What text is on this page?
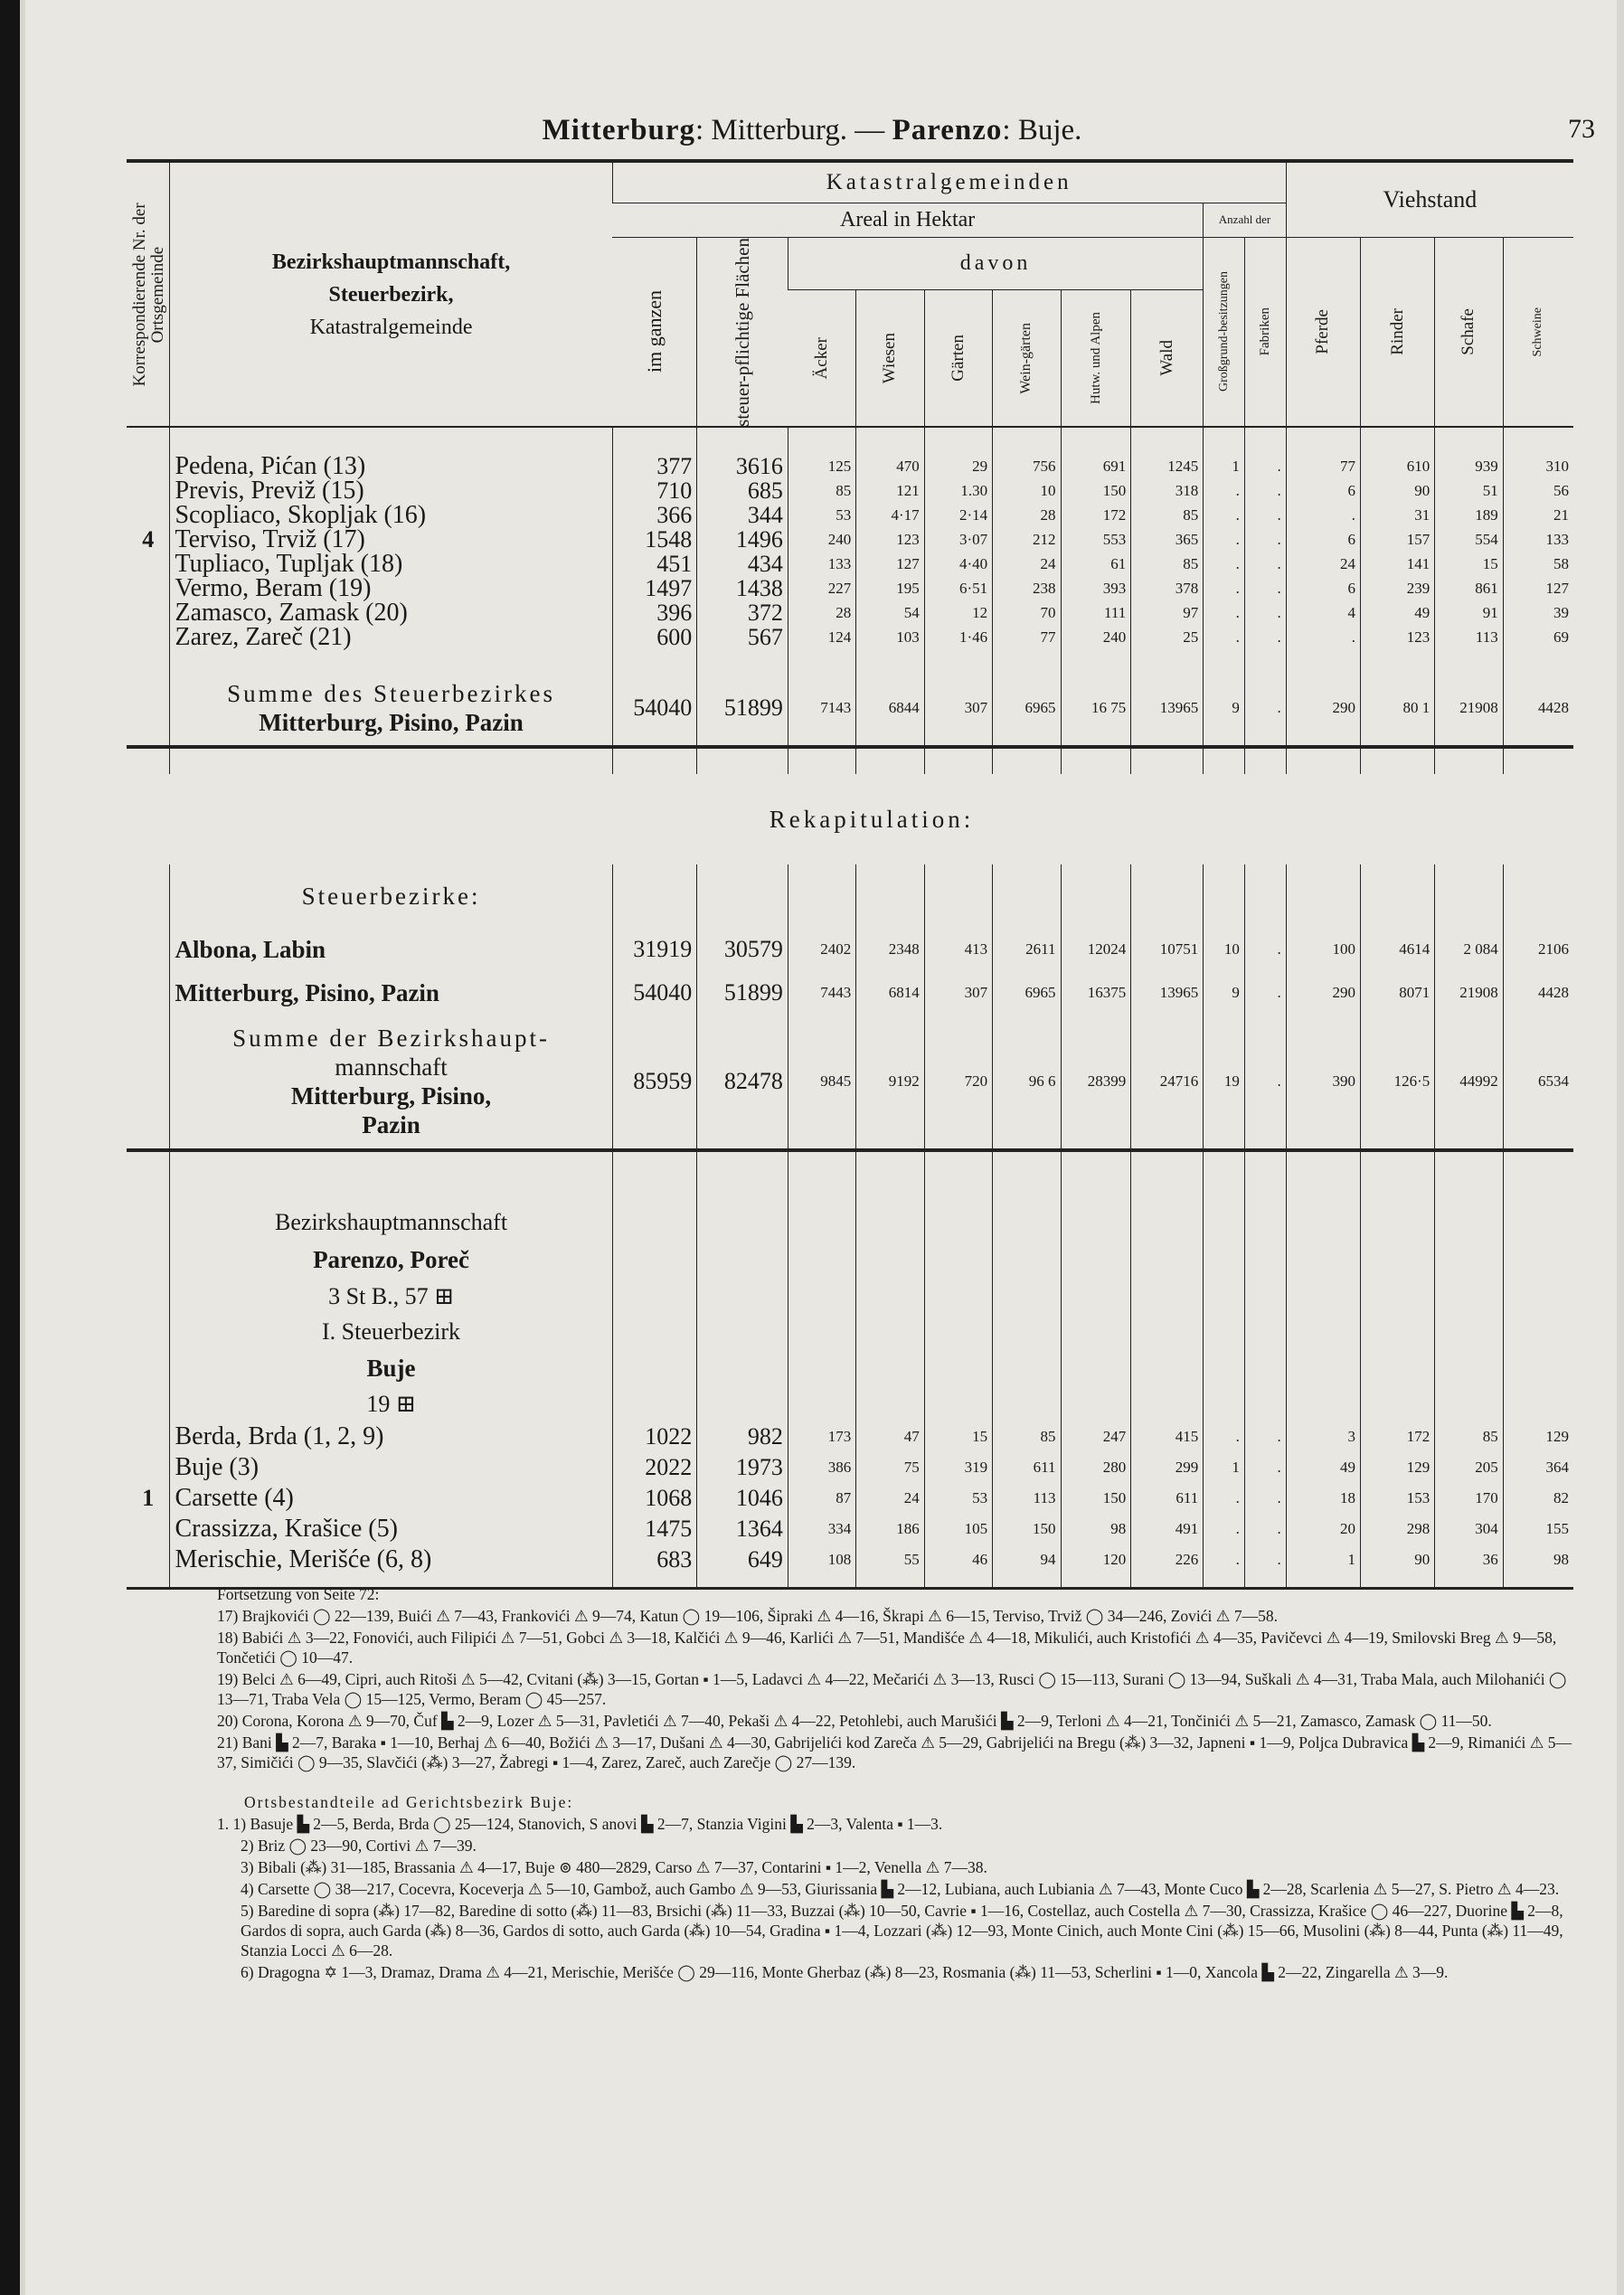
73
Mitterburg: Mitterburg. — Parenzo: Buje.
Korrespondierende Nr. der Ortsgemeinde	Bezirkshauptmannschaft,
Steuerbezirk,
Katastralgemeinde	Katastralgemeinden										Viehstand			
		Areal in Hektar								Anzahl der					

		im ganzen	steuer-pflichtige Flächen	davon						Großgrund-besitzungen	Fabriken	Pferde	Rinder	Schafe	Schweine

				Äcker	Wiesen	Gärten	Wein-gärten	Hutw. und Alpen	Wald						

	Pedena, Pićan (13)	377	3616	125	470	29	756	691	1245	1	.	77	610	939	310
	Previs, Previž (15)	710	685	85	121	1.30	10	150	318	.	.	6	90	51	56
	Scopliaco, Skopljak (16)	366	344	53	4·17	2·14	28	172	85	.	.	.	31	189	21
4	Terviso, Trviž (17)	1548	1496	240	123	3·07	212	553	365	.	.	6	157	554	133
	Tupliaco, Tupljak (18)	451	434	133	127	4·40	24	61	85	.	.	24	141	15	58
	Vermo, Beram (19)	1497	1438	227	195	6·51	238	393	378	.	.	6	239	861	127
	Zamasco, Zamask (20)	396	372	28	54	12	70	111	97	.	.	4	49	91	39
	Zarez, Zareč (21)	600	567	124	103	1·46	77	240	25	.	.	.	123	113	69

	Summe des Steuerbezirkes
Mitterburg, Pisino, Pazin	54040	51899	7143	6844	307	6965	16 75	13965	9	.	290	80 1	21908	4428

	Rekapitulation:														
	Steuerbezirke:														
	Albona, Labin	31919	30579	2402	2348	413	2611	12024	10751	10	.	100	4614	2 084	2106
	Mitterburg, Pisino, Pazin	54040	51899	7443	6814	307	6965	16375	13965	9	.	290	8071	21908	4428

	Summe der Bezirkshaupt-
mannschaft
Mitterburg, Pisino,
Pazin	85959	82478	9845	9192	720	96 6	28399	24716	19	.	390	126·5	44992	6534

	Bezirkshauptmannschaft														
	Parenzo, Poreč														
	3 St B., 57 ⊞														
	I. Steuerbezirk														
	Buje														
	19 ⊞														
	Berda, Brda (1, 2, 9)	1022	982	173	47	15	85	247	415	.	.	3	172	85	129
	Buje (3)	2022	1973	386	75	319	611	280	299	1	.	49	129	205	364
1	Carsette (4)	1068	1046	87	24	53	113	150	611	.	.	18	153	170	82
	Crassizza, Krašice (5)	1475	1364	334	186	105	150	98	491	.	.	20	298	304	155
	Merischie, Merišće (6, 8)	683	649	108	55	46	94	120	226	.	.	1	90	36	98

Fortsetzung von Seite 72:

17) Brajkovići ◯ 22—139, Buići ⚠ 7—43, Frankovići ⚠ 9—74, Katun ◯ 19—106, Šipraki ⚠ 4—16, Škrapi ⚠ 6—15, Terviso, Trviž ◯ 34—246, Zovići ⚠ 7—58.

18) Babići ⚠ 3—22, Fonovići, auch Filipići ⚠ 7—51, Gobci ⚠ 3—18, Kalčići ⚠ 9—46, Karlići ⚠ 7—51, Mandišće ⚠ 4—18, Mikulići, auch Kristofići ⚠ 4—35, Pavičevci ⚠ 4—19, Smilovski Breg ⚠ 9—58, Tončetići ◯ 10—47.

19) Belci ⚠ 6—49, Cipri, auch Ritoši ⚠ 5—42, Cvitani (⁂) 3—15, Gortan ▪ 1—5, Ladavci ⚠ 4—22, Mečarići ⚠ 3—13, Rusci ◯ 15—113, Surani ◯ 13—94, Suškali ⚠ 4—31, Traba Mala, auch Milohanići ◯ 13—71, Traba Vela ◯ 15—125, Vermo, Beram ◯ 45—257.

20) Corona, Korona ⚠ 9—70, Čuf ▙ 2—9, Lozer ⚠ 5—31, Pavletići ⚠ 7—40, Pekaši ⚠ 4—22, Petohlebi, auch Marušići ▙ 2—9, Terloni ⚠ 4—21, Tončinići ⚠ 5—21, Zamasco, Zamask ◯ 11—50.

21) Bani ▙ 2—7, Baraka ▪ 1—10, Berhaj ⚠ 6—40, Božići ⚠ 3—17, Dušani ⚠ 4—30, Gabrijelići kod Zareča ⚠ 5—29, Gabrijelići na Bregu (⁂) 3—32, Japneni ▪ 1—9, Poljca Dubravica ▙ 2—9, Rimanići ⚠ 5—37, Simičići ◯ 9—35, Slavčići (⁂) 3—27, Žabregi ▪ 1—4, Zarez, Zareč, auch Zarečje ◯ 27—139.

Ortsbestandteile ad Gerichtsbezirk Buje:

1. 1) Basuje ▙ 2—5, Berda, Brda ◯ 25—124, Stanovich, S anovi ▙ 2—7, Stanzia Vigini ▙ 2—3, Valenta ▪ 1—3.

2) Briz ◯ 23—90, Cortivi ⚠ 7—39.

3) Bibali (⁂) 31—185, Brassania ⚠ 4—17, Buje ⊚ 480—2829, Carso ⚠ 7—37, Contarini ▪ 1—2, Venella ⚠ 7—38.

4) Carsette ◯ 38—217, Cocevra, Koceverja ⚠ 5—10, Gambož, auch Gambo ⚠ 9—53, Giurissania ▙ 2—12, Lubiana, auch Lubiania ⚠ 7—43, Monte Cuco ▙ 2—28, Scarlenia ⚠ 5—27, S. Pietro ⚠ 4—23.

5) Baredine di sopra (⁂) 17—82, Baredine di sotto (⁂) 11—83, Brsichi (⁂) 11—33, Buzzai (⁂) 10—50, Cavrie ▪ 1—16, Costellaz, auch Costella ⚠ 7—30, Crassizza, Krašice ◯ 46—227, Duorine ▙ 2—8, Gardos di sopra, auch Garda (⁂) 8—36, Gardos di sotto, auch Garda (⁂) 10—54, Gradina ▪ 1—4, Lozzari (⁂) 12—93, Monte Cinich, auch Monte Cini (⁂) 15—66, Musolini (⁂) 8—44, Punta (⁂) 11—49, Stanzia Locci ⚠ 6—28.

6) Dragogna ✡ 1—3, Dramaz, Drama ⚠ 4—21, Merischie, Merišće ◯ 29—116, Monte Gherbaz (⁂) 8—23, Rosmania (⁂) 11—53, Scherlini ▪ 1—0, Xancola ▙ 2—22, Zingarella ⚠ 3—9.
